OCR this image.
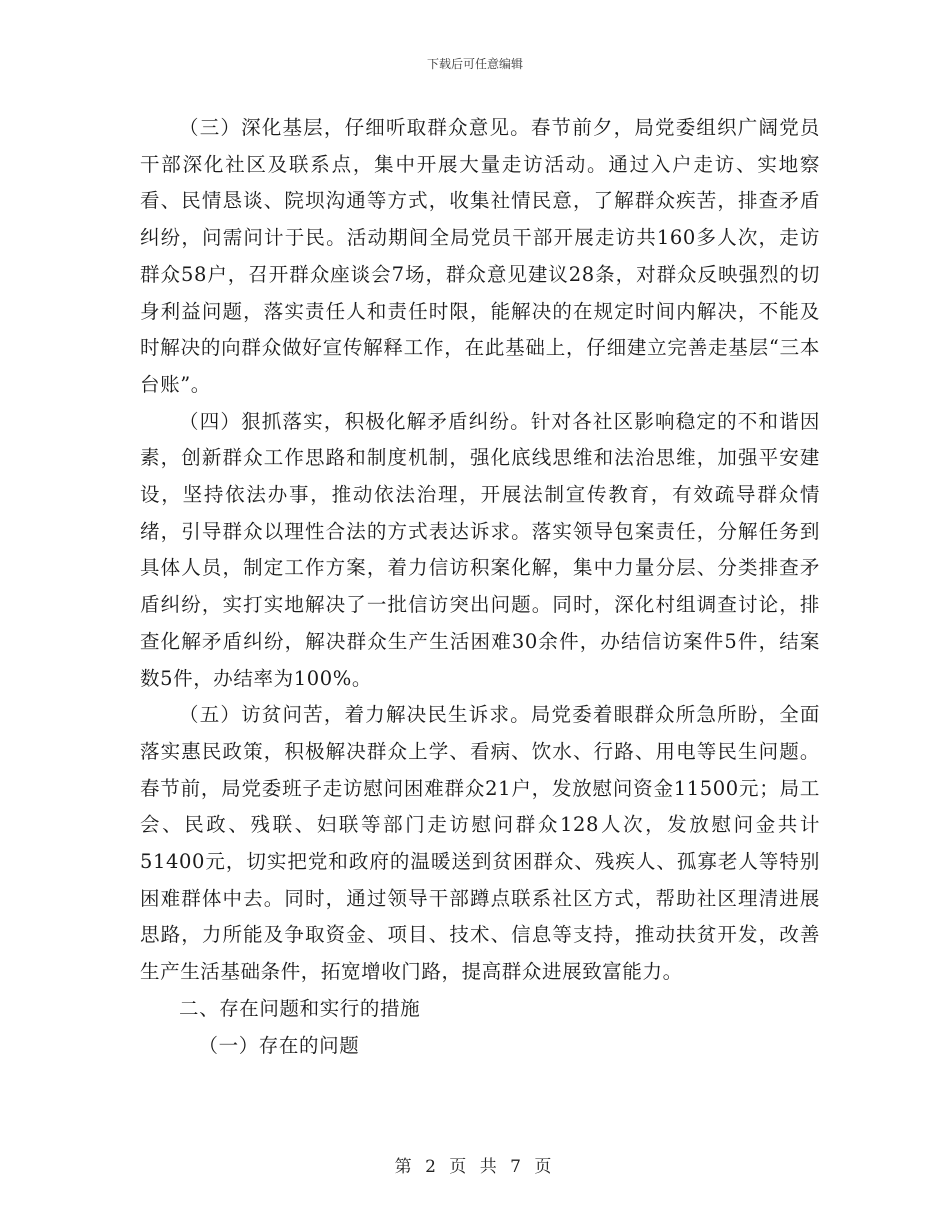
下载后可任意编辑

（三）深化基层，仔细听取群众意见。春节前夕，局党委组织广阔党员干部深化社区及联系点，集中开展大量走访活动。通过入户走访、实地察看、民情恳谈、院坝沟通等方式，收集社情民意，了解群众疾苦，排查矛盾纠纷，问需问计于民。活动期间全局党员干部开展走访共160多人次，走访群众58户，召开群众座谈会7场，群众意见建议28条，对群众反映强烈的切身利益问题，落实责任人和责任时限，能解决的在规定时间内解决，不能及时解决的向群众做好宣传解释工作，在此基础上，仔细建立完善走基层“三本台账”。

（四）狠抓落实，积极化解矛盾纠纷。针对各社区影响稳定的不和谐因素，创新群众工作思路和制度机制，强化底线思维和法治思维，加强平安建设，坚持依法办事，推动依法治理，开展法制宣传教育，有效疏导群众情绪，引导群众以理性合法的方式表达诉求。落实领导包案责任，分解任务到具体人员，制定工作方案，着力信访积案化解，集中力量分层、分类排查矛盾纠纷，实打实地解决了一批信访突出问题。同时，深化村组调查讨论，排查化解矛盾纠纷，解决群众生产生活困难30余件，办结信访案件5件，结案数5件，办结率为100%。

（五）访贫问苦，着力解决民生诉求。局党委着眼群众所急所盼，全面落实惠民政策，积极解决群众上学、看病、饮水、行路、用电等民生问题。春节前，局党委班子走访慰问困难群众21户，发放慰问资金11500元；局工会、民政、残联、妇联等部门走访慰问群众128人次，发放慰问金共计51400元，切实把党和政府的温暖送到贫困群众、残疾人、孤寡老人等特别困难群体中去。同时，通过领导干部蹲点联系社区方式，帮助社区理清进展思路，力所能及争取资金、项目、技术、信息等支持，推动扶贫开发，改善生产生活基础条件，拓宽增收门路，提高群众进展致富能力。

二、存在问题和实行的措施

（一）存在的问题

第 2 页 共 7 页
